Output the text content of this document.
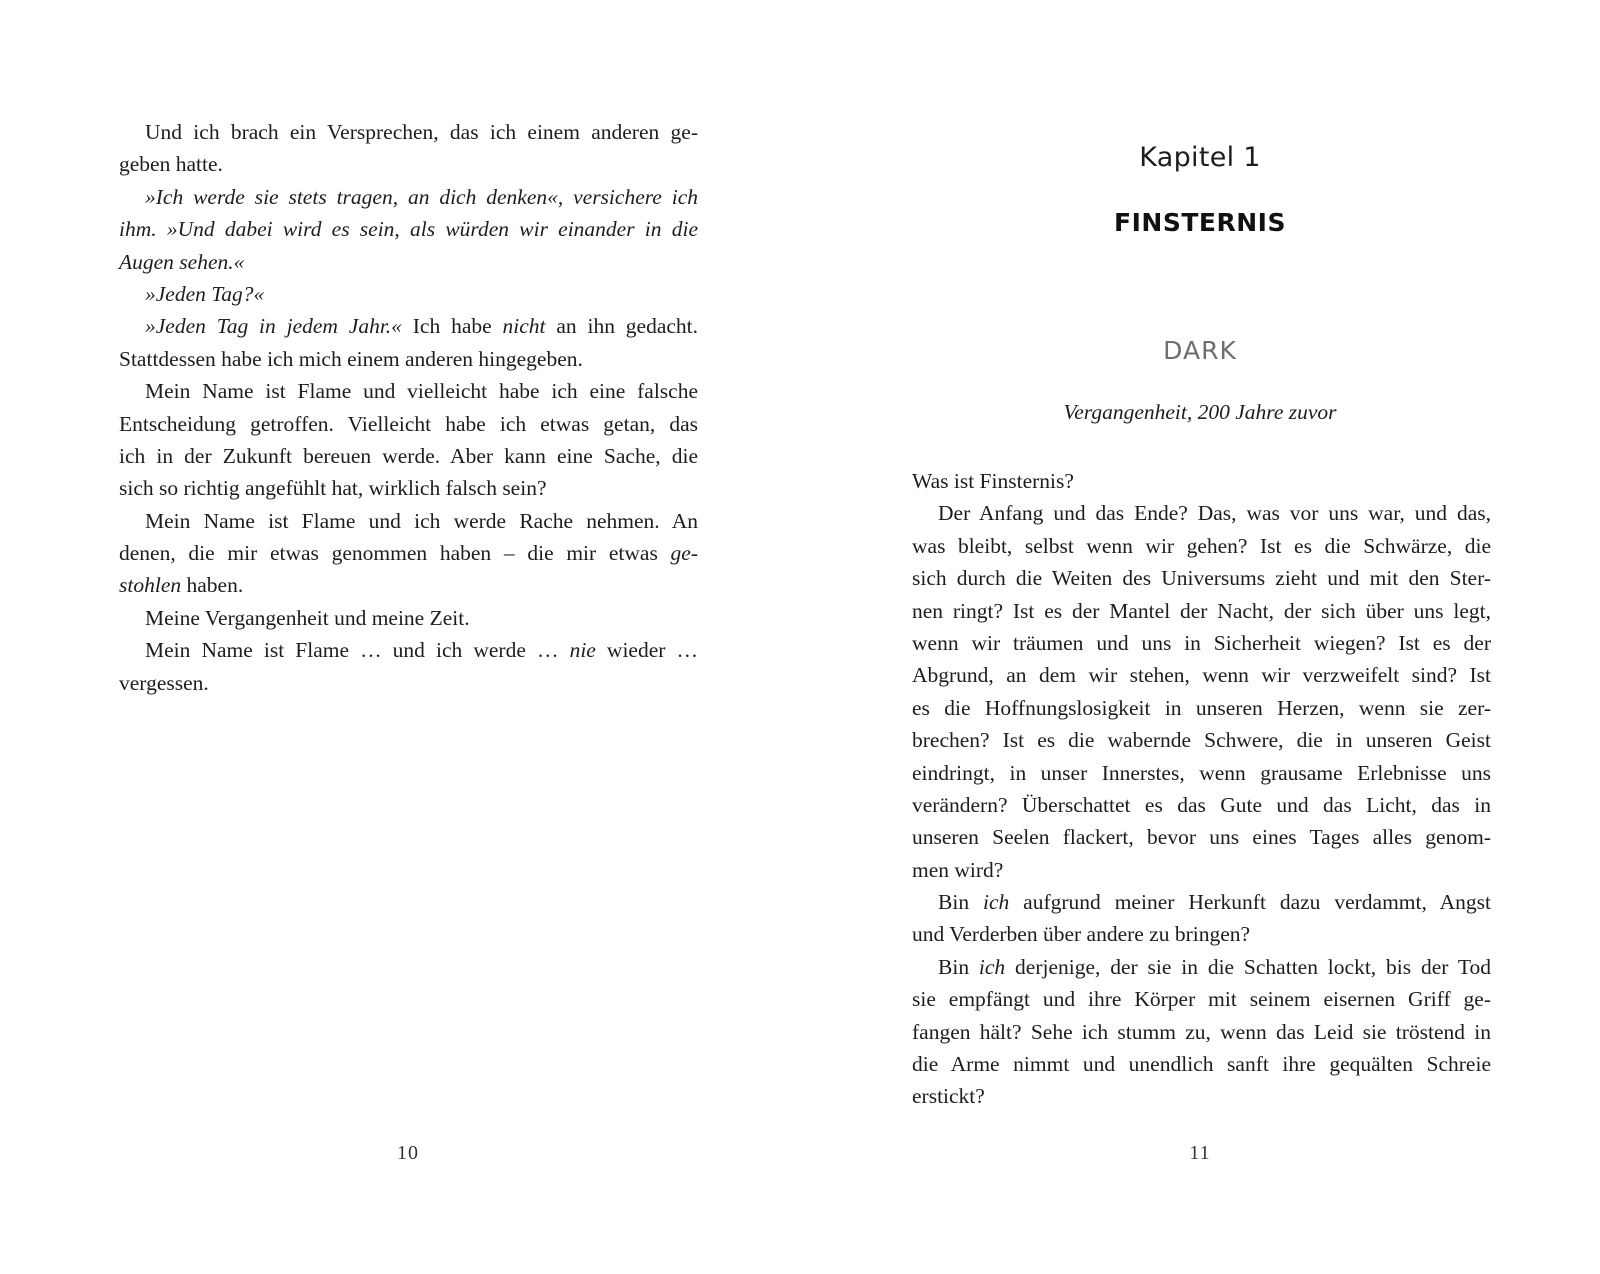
Und ich brach ein Versprechen, das ich einem anderen ge-
geben hatte.
»Ich werde sie stets tragen, an dich denken«, versichere ich
ihm. »Und dabei wird es sein, als würden wir einander in die
Augen sehen.«
»Jeden Tag?«
»Jeden Tag in jedem Jahr.« Ich habe nicht an ihn gedacht.
Stattdessen habe ich mich einem anderen hingegeben.
Mein Name ist Flame und vielleicht habe ich eine falsche
Entscheidung getroffen. Vielleicht habe ich etwas getan, das
ich in der Zukunft bereuen werde. Aber kann eine Sache, die
sich so richtig angefühlt hat, wirklich falsch sein?
Mein Name ist Flame und ich werde Rache nehmen. An
denen, die mir etwas genommen haben – die mir etwas ge-
stohlen haben.
Meine Vergangenheit und meine Zeit.
Mein Name ist Flame … und ich werde … nie wieder …
vergessen.
10
Kapitel 1
FINSTERNIS
DARK
Vergangenheit, 200 Jahre zuvor
Was ist Finsternis?
Der Anfang und das Ende? Das, was vor uns war, und das,
was bleibt, selbst wenn wir gehen? Ist es die Schwärze, die
sich durch die Weiten des Universums zieht und mit den Ster-
nen ringt? Ist es der Mantel der Nacht, der sich über uns legt,
wenn wir träumen und uns in Sicherheit wiegen? Ist es der
Abgrund, an dem wir stehen, wenn wir verzweifelt sind? Ist
es die Hoffnungslosigkeit in unseren Herzen, wenn sie zer-
brechen? Ist es die wabernde Schwere, die in unseren Geist
eindringt, in unser Innerstes, wenn grausame Erlebnisse uns
verändern? Überschattet es das Gute und das Licht, das in
unseren Seelen flackert, bevor uns eines Tages alles genom-
men wird?
Bin ich aufgrund meiner Herkunft dazu verdammt, Angst
und Verderben über andere zu bringen?
Bin ich derjenige, der sie in die Schatten lockt, bis der Tod
sie empfängt und ihre Körper mit seinem eisernen Griff ge-
fangen hält? Sehe ich stumm zu, wenn das Leid sie tröstend in
die Arme nimmt und unendlich sanft ihre gequälten Schreie
erstickt?
11
